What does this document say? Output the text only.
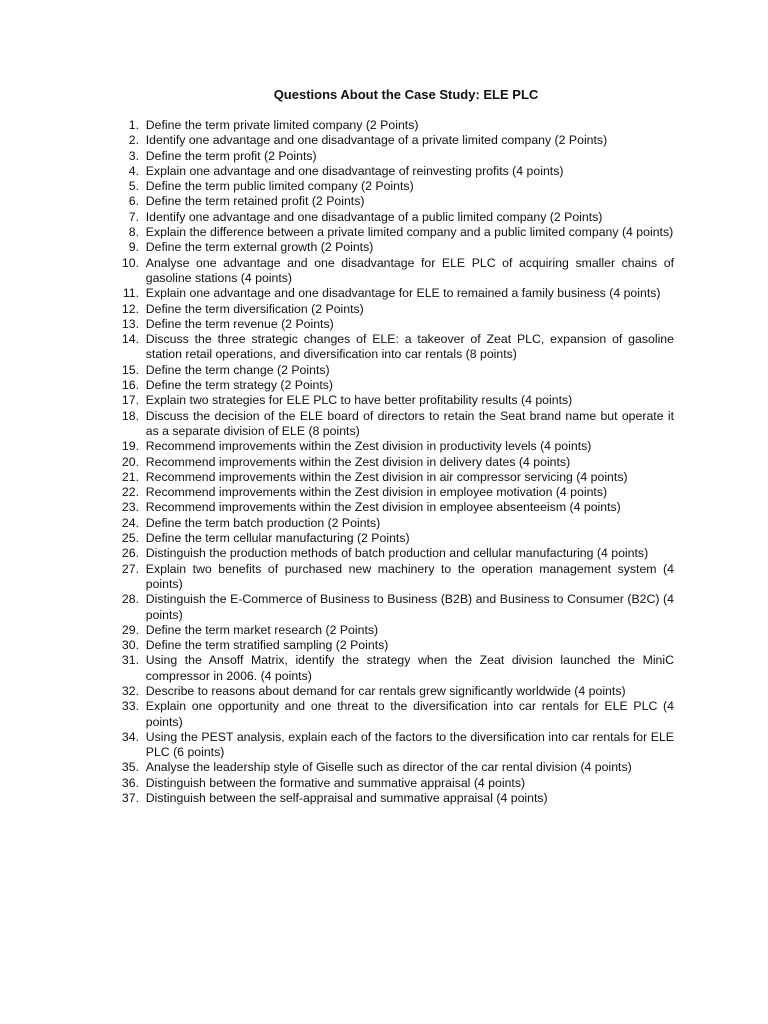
Questions About the Case Study: ELE PLC
1. Define the term private limited company (2 Points)
2. Identify one advantage and one disadvantage of a private limited company (2 Points)
3. Define the term profit (2 Points)
4. Explain one advantage and one disadvantage of reinvesting profits (4 points)
5. Define the term public limited company (2 Points)
6. Define the term retained profit (2 Points)
7. Identify one advantage and one disadvantage of a public limited company (2 Points)
8. Explain the difference between a private limited company and a public limited company (4 points)
9. Define the term external growth (2 Points)
10. Analyse one advantage and one disadvantage for ELE PLC of acquiring smaller chains of gasoline stations (4 points)
11. Explain one advantage and one disadvantage for ELE to remained a family business (4 points)
12. Define the term diversification (2 Points)
13. Define the term revenue (2 Points)
14. Discuss the three strategic changes of ELE: a takeover of Zeat PLC, expansion of gasoline station retail operations, and diversification into car rentals (8 points)
15. Define the term change (2 Points)
16. Define the term strategy (2 Points)
17. Explain two strategies for ELE PLC to have better profitability results (4 points)
18. Discuss the decision of the ELE board of directors to retain the Seat brand name but operate it as a separate division of ELE (8 points)
19. Recommend improvements within the Zest division in productivity levels (4 points)
20. Recommend improvements within the Zest division in delivery dates (4 points)
21. Recommend improvements within the Zest division in air compressor servicing (4 points)
22. Recommend improvements within the Zest division in employee motivation (4 points)
23. Recommend improvements within the Zest division in employee absenteeism (4 points)
24. Define the term batch production (2 Points)
25. Define the term cellular manufacturing (2 Points)
26. Distinguish the production methods of batch production and cellular manufacturing (4 points)
27. Explain two benefits of purchased new machinery to the operation management system (4 points)
28. Distinguish the E-Commerce of Business to Business (B2B) and Business to Consumer (B2C) (4 points)
29. Define the term market research (2 Points)
30. Define the term stratified sampling (2 Points)
31. Using the Ansoff Matrix, identify the strategy when the Zeat division launched the MiniC compressor in 2006. (4 points)
32. Describe to reasons about demand for car rentals grew significantly worldwide (4 points)
33. Explain one opportunity and one threat to the diversification into car rentals for ELE PLC (4 points)
34. Using the PEST analysis, explain each of the factors to the diversification into car rentals for ELE PLC (6 points)
35. Analyse the leadership style of Giselle such as director of the car rental division (4 points)
36. Distinguish between the formative and summative appraisal (4 points)
37. Distinguish between the self-appraisal and summative appraisal (4 points)
